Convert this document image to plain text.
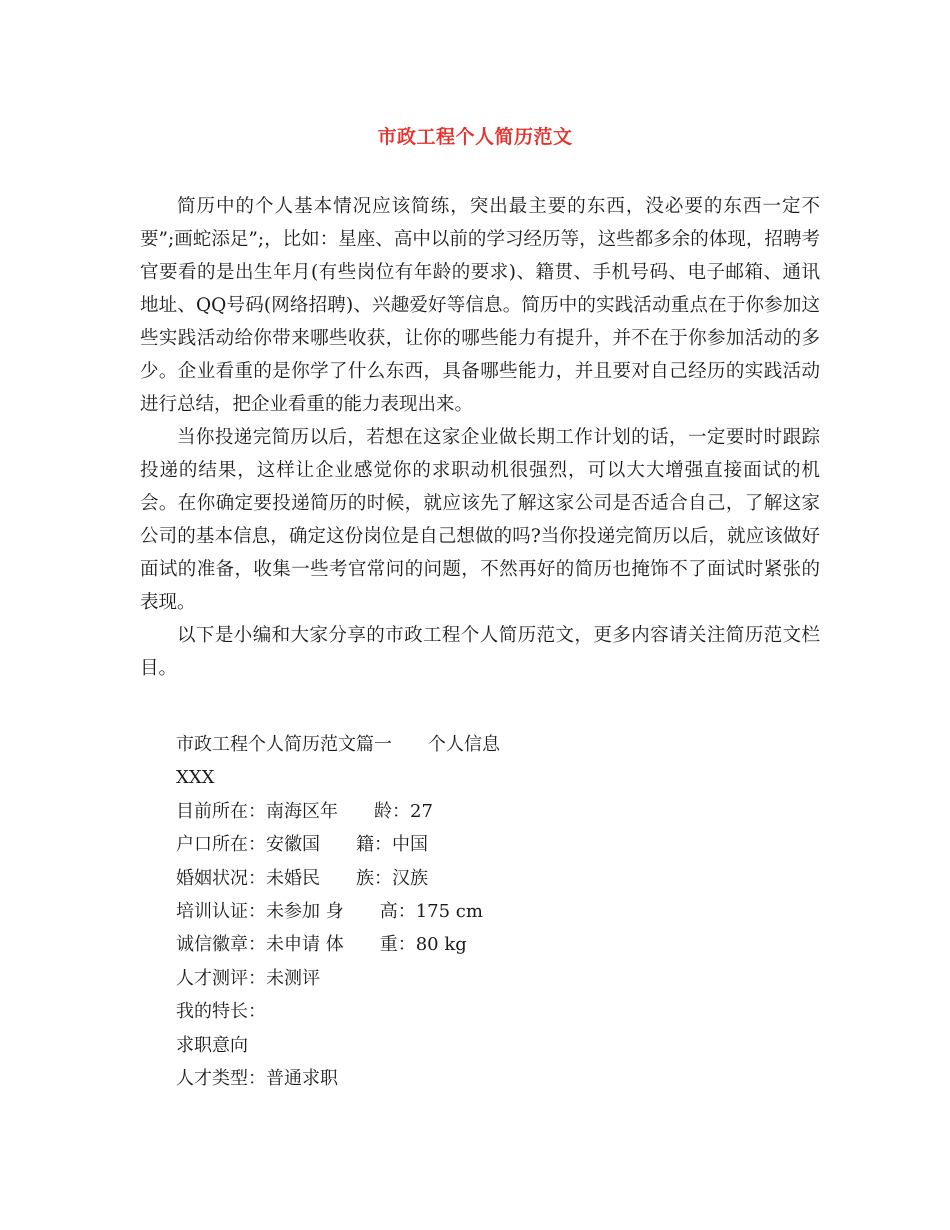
市政工程个人简历范文

简历中的个人基本情况应该简练，突出最主要的东西，没必要的东西一定不要”;画蛇添足”;，比如：星座、高中以前的学习经历等，这些都多余的体现，招聘考官要看的是出生年月(有些岗位有年龄的要求)、籍贯、手机号码、电子邮箱、通讯地址、QQ号码(网络招聘)、兴趣爱好等信息。简历中的实践活动重点在于你参加这些实践活动给你带来哪些收获，让你的哪些能力有提升，并不在于你参加活动的多少。企业看重的是你学了什么东西，具备哪些能力，并且要对自己经历的实践活动进行总结，把企业看重的能力表现出来。

当你投递完简历以后，若想在这家企业做长期工作计划的话，一定要时时跟踪投递的结果，这样让企业感觉你的求职动机很强烈，可以大大增强直接面试的机会。在你确定要投递简历的时候，就应该先了解这家公司是否适合自己，了解这家公司的基本信息，确定这份岗位是自己想做的吗?当你投递完简历以后，就应该做好面试的准备，收集一些考官常问的问题，不然再好的简历也掩饰不了面试时紧张的表现。

以下是小编和大家分享的市政工程个人简历范文，更多内容请关注简历范文栏目。

市政工程个人简历范文篇一　　个人信息
XXX
目前所在：南海区年　　龄：27
户口所在：安徽国　　籍：中国
婚姻状况：未婚民　　族：汉族
培训认证：未参加 身　　高：175 cm
诚信徽章：未申请 体　　重：80 kg
人才测评：未测评
我的特长：
求职意向
人才类型：普通求职
